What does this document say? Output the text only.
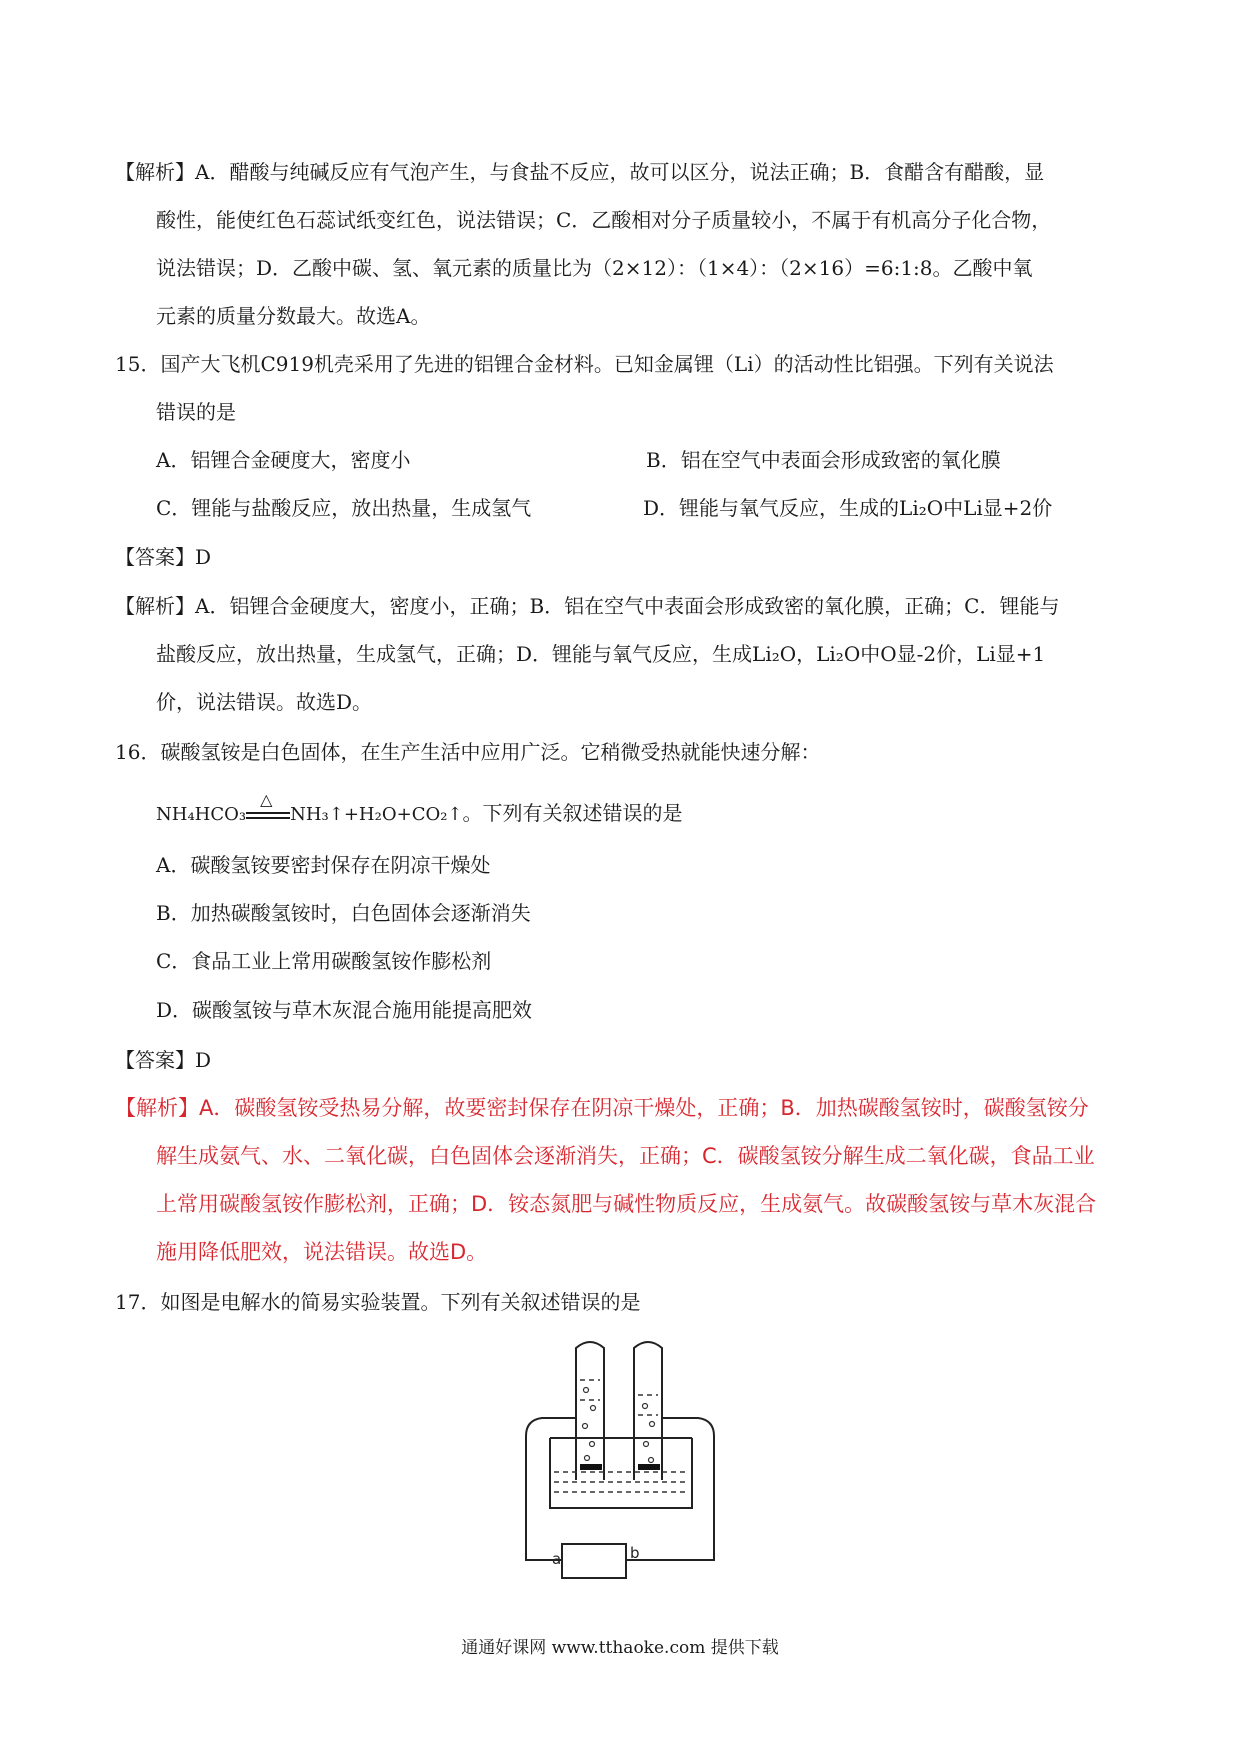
【解析】A．醋酸与纯碱反应有气泡产生，与食盐不反应，故可以区分，说法正确；B．食醋含有醋酸，显
酸性，能使红色石蕊试纸变红色，说法错误；C．乙酸相对分子质量较小，不属于有机高分子化合物，
说法错误；D．乙酸中碳、氢、氧元素的质量比为（2×12）：（1×4）：（2×16）=6:1:8。乙酸中氧
元素的质量分数最大。故选A。
15．国产大飞机C919机壳采用了先进的铝锂合金材料。已知金属锂（Li）的活动性比铝强。下列有关说法
错误的是
A．铝锂合金硬度大，密度小	B．铝在空气中表面会形成致密的氧化膜
C．锂能与盐酸反应，放出热量，生成氢气	D．锂能与氧气反应，生成的Li₂O中Li显+2价
【答案】D
【解析】A．铝锂合金硬度大，密度小，正确；B．铝在空气中表面会形成致密的氧化膜，正确；C．锂能与
盐酸反应，放出热量，生成氢气，正确；D．锂能与氧气反应，生成Li₂O，Li₂O中O显-2价，Li显+1
价，说法错误。故选D。
16．碳酸氢铵是白色固体，在生产生活中应用广泛。它稍微受热就能快速分解：
NH₄HCO₃
△
NH₃↑+H₂O+CO₂↑。下列有关叙述错误的是
A．碳酸氢铵要密封保存在阴凉干燥处
B．加热碳酸氢铵时，白色固体会逐渐消失
C．食品工业上常用碳酸氢铵作膨松剂
D．碳酸氢铵与草木灰混合施用能提高肥效
【答案】D
【解析】A．碳酸氢铵受热易分解，故要密封保存在阴凉干燥处，正确；B．加热碳酸氢铵时，碳酸氢铵分
解生成氨气、水、二氧化碳，白色固体会逐渐消失，正确；C．碳酸氢铵分解生成二氧化碳，食品工业
上常用碳酸氢铵作膨松剂，正确；D．铵态氮肥与碱性物质反应，生成氨气。故碳酸氢铵与草木灰混合
施用降低肥效，说法错误。故选D。
17．如图是电解水的简易实验装置。下列有关叙述错误的是
a	b
通通好课网 www.tthaoke.com 提供下载
